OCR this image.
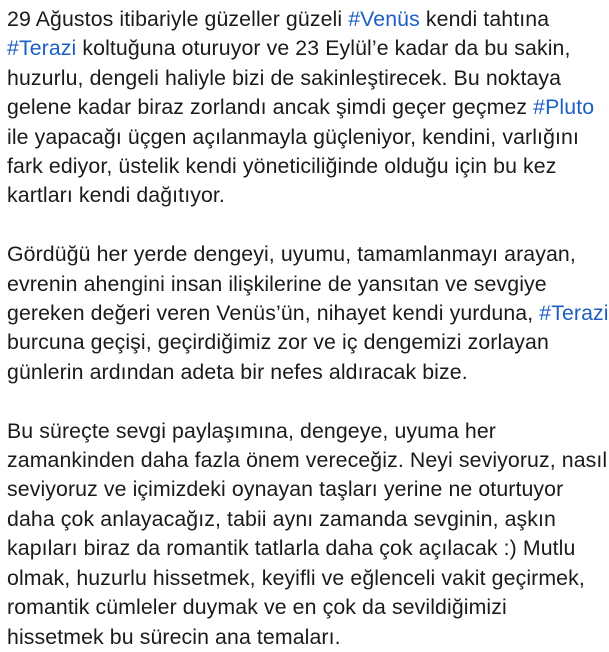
29 Ağustos itibariyle güzeller güzeli #Venüs kendi tahtına
#Terazi koltuğuna oturuyor ve 23 Eylül’e kadar da bu sakin,
huzurlu, dengeli haliyle bizi de sakinleştirecek. Bu noktaya
gelene kadar biraz zorlandı ancak şimdi geçer geçmez #Pluto
ile yapacağı üçgen açılanmayla güçleniyor, kendini, varlığını
fark ediyor, üstelik kendi yöneticiliğinde olduğu için bu kez
kartları kendi dağıtıyor.

Gördüğü her yerde dengeyi, uyumu, tamamlanmayı arayan,
evrenin ahengini insan ilişkilerine de yansıtan ve sevgiye
gereken değeri veren Venüs’ün, nihayet kendi yurduna, #Terazi
burcuna geçişi, geçirdiğimiz zor ve iç dengemizi zorlayan
günlerin ardından adeta bir nefes aldıracak bize.

Bu süreçte sevgi paylaşımına, dengeye, uyuma her
zamankinden daha fazla önem vereceğiz. Neyi seviyoruz, nasıl
seviyoruz ve içimizdeki oynayan taşları yerine ne oturtuyor
daha çok anlayacağız, tabii aynı zamanda sevginin, aşkın
kapıları biraz da romantik tatlarla daha çok açılacak :) Mutlu
olmak, huzurlu hissetmek, keyifli ve eğlenceli vakit geçirmek,
romantik cümleler duymak ve en çok da sevildiğimizi
hissetmek bu sürecin ana temaları.
